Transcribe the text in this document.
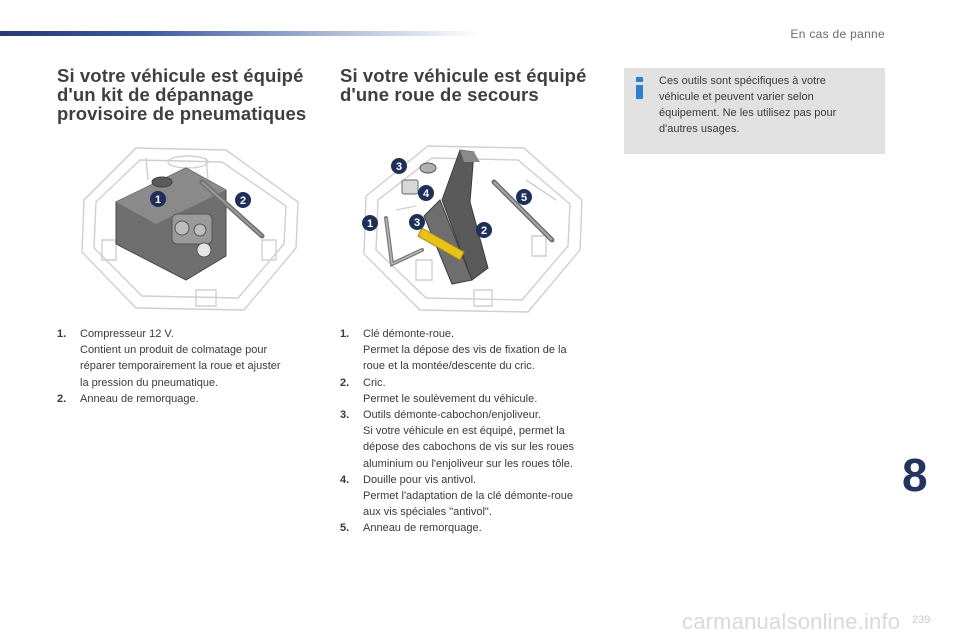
En cas de panne
Si votre véhicule est équipé
d'un kit de dépannage
provisoire de pneumatiques
Si votre véhicule est équipé
d'une roue de secours
Ces outils sont spécifiques à votre
véhicule et peuvent varier selon
équipement. Ne les utilisez pas pour
d'autres usages.
1	2
1
2
3
3
4	5
1.	Compresseur 12 V.
Contient un produit de colmatage pour
réparer temporairement la roue et ajuster
la pression du pneumatique.
2.	Anneau de remorquage.
1.	Clé démonte-roue.
Permet la dépose des vis de fixation de la
roue et la montée/descente du cric.
2.	Cric.
Permet le soulèvement du véhicule.
3.	Outils démonte-cabochon/enjoliveur.
Si votre véhicule en est équipé, permet la
dépose des cabochons de vis sur les roues
aluminium ou l'enjoliveur sur les roues tôle.
4.	Douille pour vis antivol.
Permet l'adaptation de la clé démonte-roue
aux vis spéciales "antivol".
5.	Anneau de remorquage.
8
carmanualsonline.info 239
